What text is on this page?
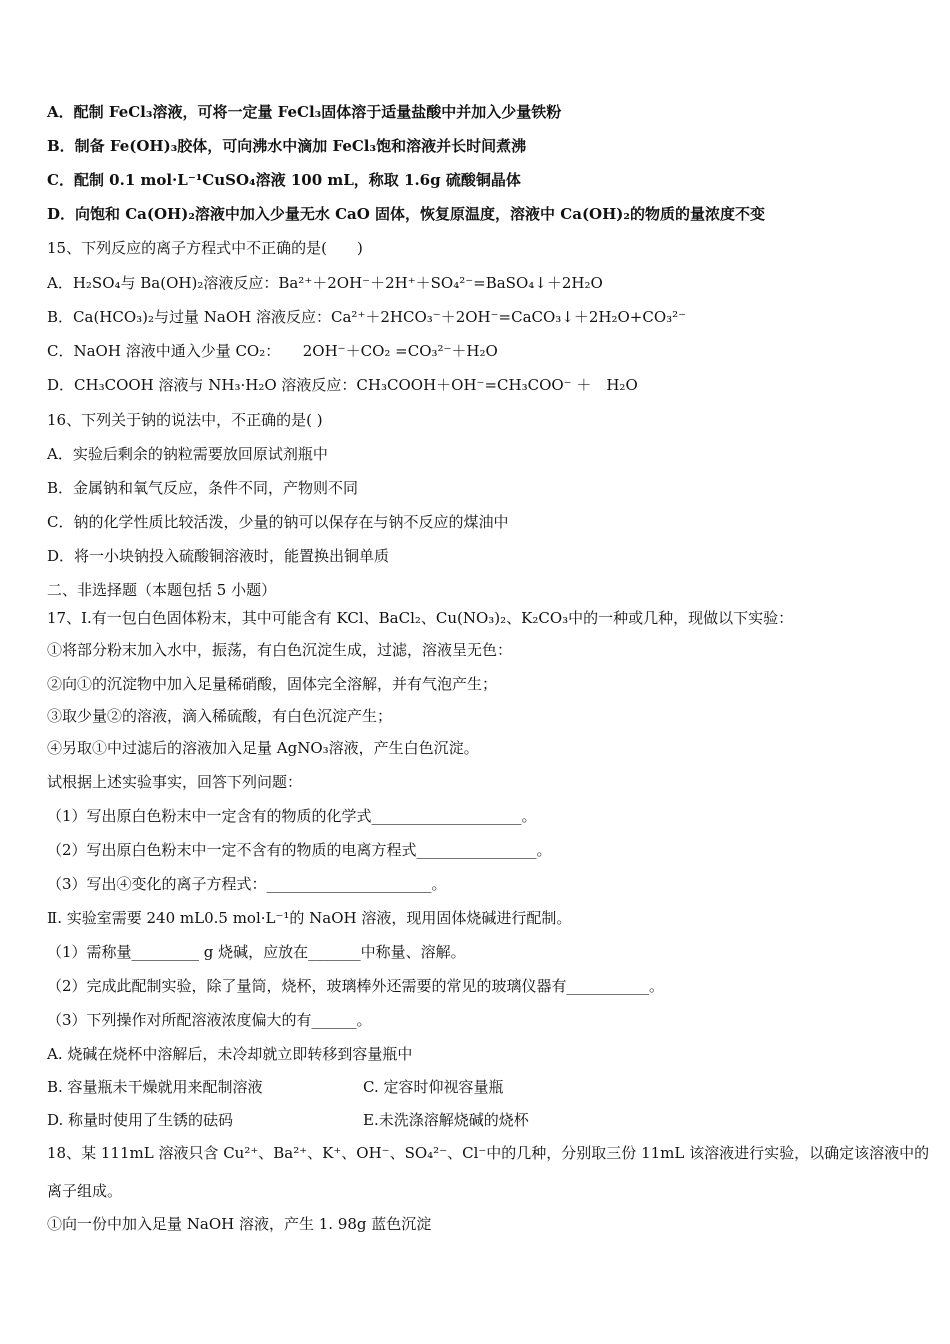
A．配制 FeCl₃溶液，可将一定量 FeCl₃固体溶于适量盐酸中并加入少量铁粉
B．制备 Fe(OH)₃胶体，可向沸水中滴加 FeCl₃饱和溶液并长时间煮沸
C．配制 0.1 mol·L⁻¹CuSO₄溶液 100 mL，称取 1.6g 硫酸铜晶体
D．向饱和 Ca(OH)₂溶液中加入少量无水 CaO 固体，恢复原温度，溶液中 Ca(OH)₂的物质的量浓度不变
15、下列反应的离子方程式中不正确的是(　　)
A．H₂SO₄与 Ba(OH)₂溶液反应：Ba²⁺＋2OH⁻＋2H⁺＋SO₄²⁻=BaSO₄↓＋2H₂O
B．Ca(HCO₃)₂与过量 NaOH 溶液反应：Ca²⁺＋2HCO₃⁻＋2OH⁻=CaCO₃↓＋2H₂O+CO₃²⁻
C．NaOH 溶液中通入少量 CO₂：　　2OH⁻＋CO₂ =CO₃²⁻＋H₂O
D．CH₃COOH 溶液与 NH₃·H₂O 溶液反应：CH₃COOH＋OH⁻=CH₃COO⁻ ＋　H₂O
16、下列关于钠的说法中，不正确的是( )
A．实验后剩余的钠粒需要放回原试剂瓶中
B．金属钠和氧气反应，条件不同，产物则不同
C．钠的化学性质比较活泼，少量的钠可以保存在与钠不反应的煤油中
D．将一小块钠投入硫酸铜溶液时，能置换出铜单质
二、非选择题（本题包括 5 小题）
17、Ⅰ.有一包白色固体粉末，其中可能含有 KCl、BaCl₂、Cu(NO₃)₂、K₂CO₃中的一种或几种，现做以下实验：
①将部分粉末加入水中，振荡，有白色沉淀生成，过滤，溶液呈无色：
②向①的沉淀物中加入足量稀硝酸，固体完全溶解，并有气泡产生；
③取少量②的溶液，滴入稀硫酸，有白色沉淀产生；
④另取①中过滤后的溶液加入足量 AgNO₃溶液，产生白色沉淀。
试根据上述实验事实，回答下列问题：
（1）写出原白色粉末中一定含有的物质的化学式____________________。
（2）写出原白色粉末中一定不含有的物质的电离方程式________________。
（3）写出④变化的离子方程式：______________________。
Ⅱ. 实验室需要 240 mL0.5 mol·L⁻¹的 NaOH 溶液，现用固体烧碱进行配制。
（1）需称量_________ g 烧碱，应放在_______中称量、溶解。
（2）完成此配制实验，除了量筒，烧杯，玻璃棒外还需要的常见的玻璃仪器有___________。
（3）下列操作对所配溶液浓度偏大的有______。
A. 烧碱在烧杯中溶解后，未冷却就立即转移到容量瓶中
B. 容量瓶未干燥就用来配制溶液	C. 定容时仰视容量瓶
D. 称量时使用了生锈的砝码	E.未洗涤溶解烧碱的烧杯
18、某 111mL 溶液只含 Cu²⁺、Ba²⁺、K⁺、OH⁻、SO₄²⁻、Cl⁻中的几种，分别取三份 11mL 该溶液进行实验，以确定该溶液中的
离子组成。
①向一份中加入足量 NaOH 溶液，产生 1. 98g 蓝色沉淀
